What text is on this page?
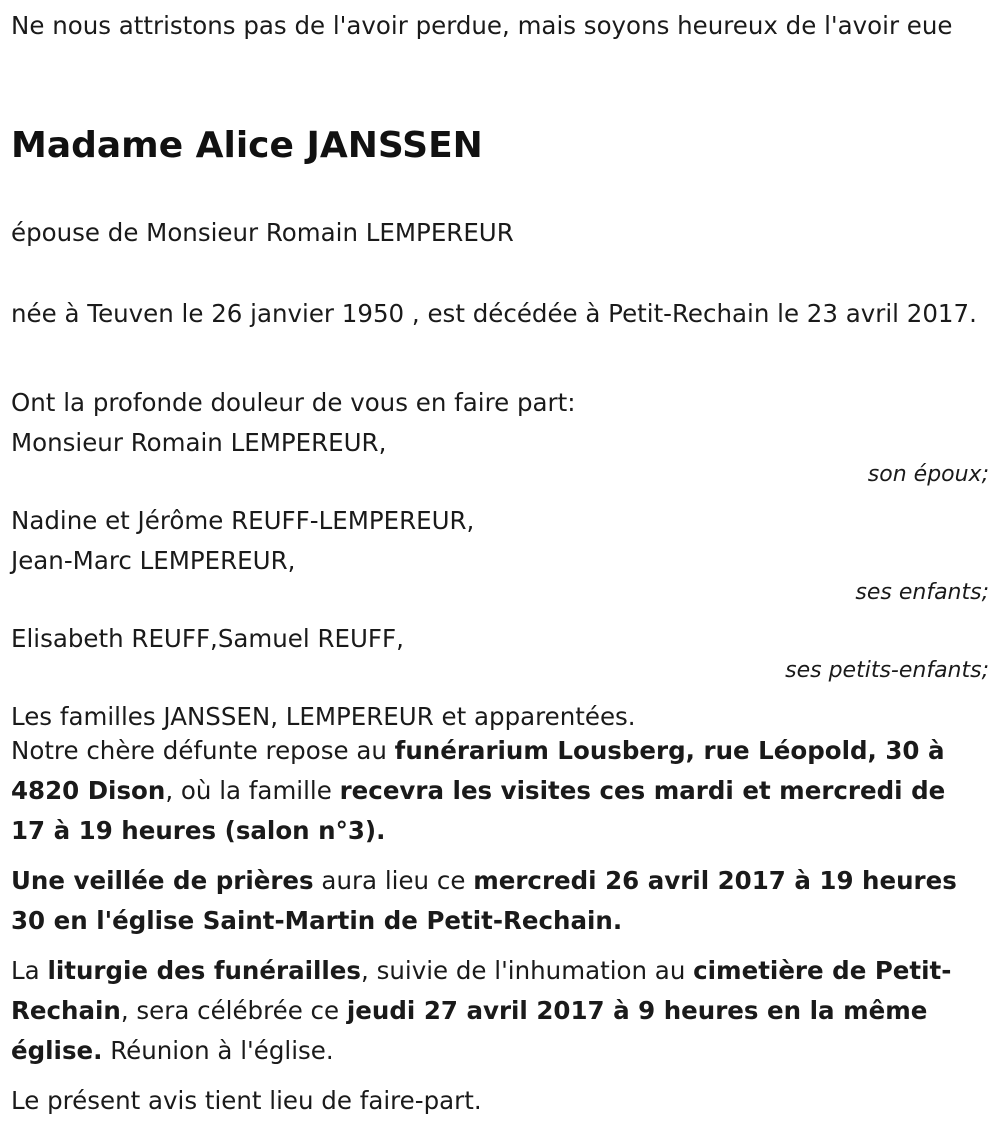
Ne nous attristons pas de l'avoir perdue, mais soyons heureux de l'avoir eue
Madame Alice JANSSEN
épouse de Monsieur Romain LEMPEREUR
née à Teuven le 26 janvier 1950 , est décédée à Petit-Rechain le 23 avril 2017.
Ont la profonde douleur de vous en faire part:
Monsieur Romain LEMPEREUR,
son époux;
Nadine et Jérôme REUFF-LEMPEREUR,
Jean-Marc LEMPEREUR,
ses enfants;
Elisabeth REUFF,Samuel REUFF,
ses petits-enfants;
Les familles JANSSEN, LEMPEREUR et apparentées.

Notre chère défunte repose au funérarium Lousberg, rue Léopold, 30 à 4820 Dison, où la famille recevra les visites ces mardi et mercredi de 17 à 19 heures (salon n°3).

Une veillée de prières aura lieu ce mercredi 26 avril 2017 à 19 heures 30 en l'église Saint-Martin de Petit-Rechain.

La liturgie des funérailles, suivie de l'inhumation au cimetière de Petit-Rechain, sera célébrée ce jeudi 27 avril 2017 à 9 heures en la même église. Réunion à l'église.

Le présent avis tient lieu de faire-part.
